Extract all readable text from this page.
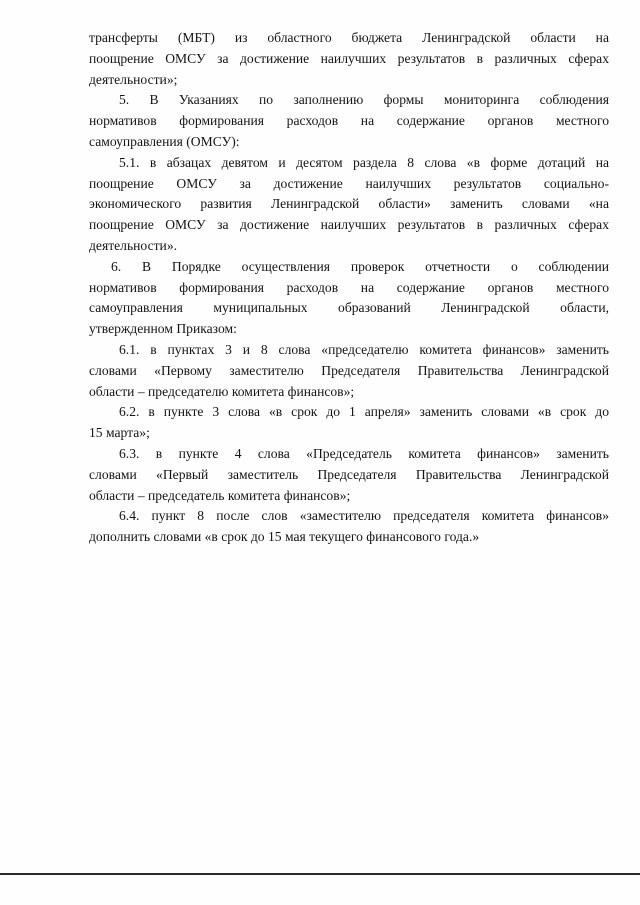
трансферты (МБТ) из областного бюджета Ленинградской области на
поощрение ОМСУ за достижение наилучших результатов в различных сферах
деятельности»;

5. В Указаниях по заполнению формы мониторинга соблюдения
нормативов формирования расходов на содержание органов местного
самоуправления (ОМСУ):

5.1. в абзацах девятом и десятом раздела 8 слова «в форме дотаций на
поощрение ОМСУ за достижение наилучших результатов социально-
экономического развития Ленинградской области» заменить словами «на
поощрение ОМСУ за достижение наилучших результатов в различных сферах
деятельности».

6. В Порядке осуществления проверок отчетности о соблюдении
нормативов формирования расходов на содержание органов местного
самоуправления муниципальных образований Ленинградской области,
утвержденном Приказом:

6.1. в пунктах 3 и 8 слова «председателю комитета финансов» заменить
словами «Первому заместителю Председателя Правительства Ленинградской
области – председателю комитета финансов»;

6.2. в пункте 3 слова «в срок до 1 апреля» заменить словами «в срок до
15 марта»;

6.3. в пункте 4 слова «Председатель комитета финансов» заменить
словами «Первый заместитель Председателя Правительства Ленинградской
области – председатель комитета финансов»;

6.4. пункт 8 после слов «заместителю председателя комитета финансов»
дополнить словами «в срок до 15 мая текущего финансового года.»
